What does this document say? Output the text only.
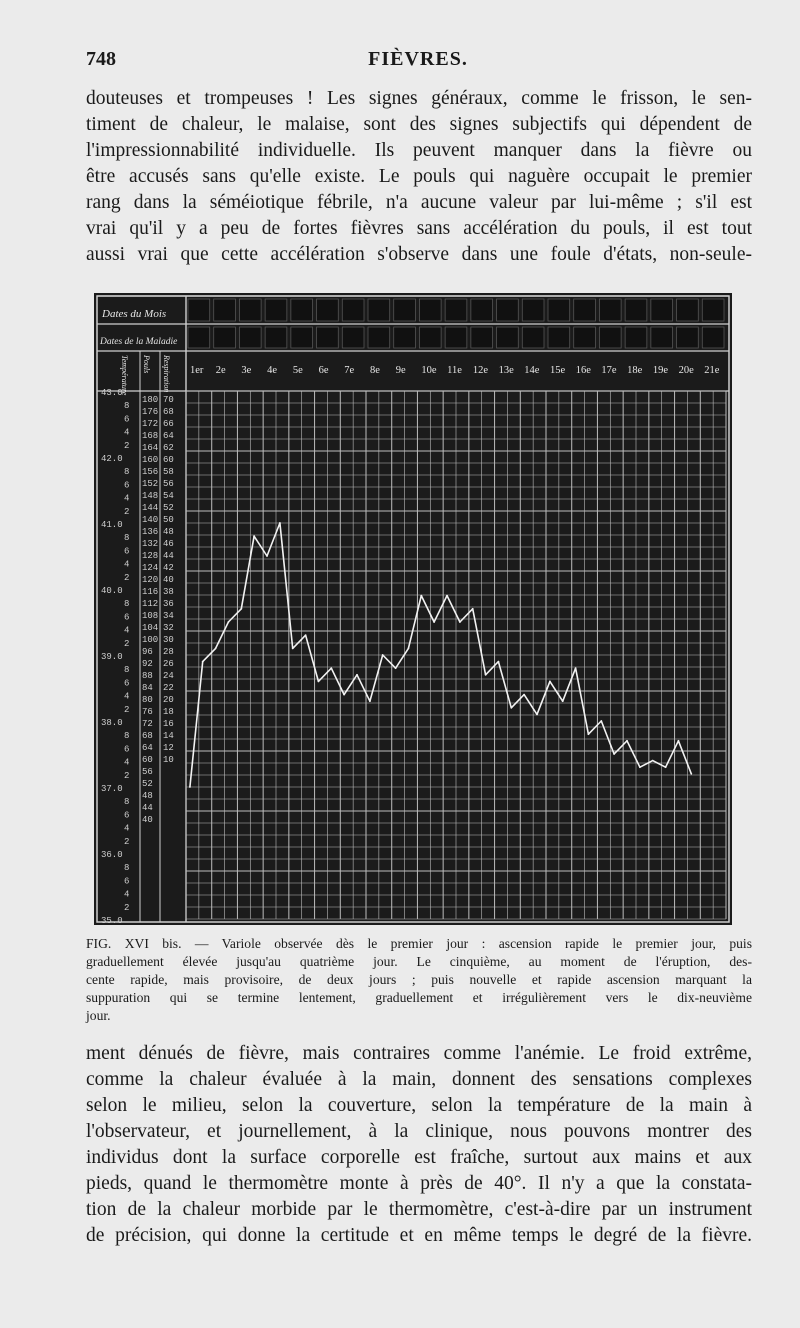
748	FIÈVRES.

douteuses et trompeuses ! Les signes généraux, comme le frisson, le sen-
timent de chaleur, le malaise, sont des signes subjectifs qui dépendent de
l'impressionnabilité individuelle. Ils peuvent manquer dans la fièvre ou
être accusés sans qu'elle existe. Le pouls qui naguère occupait le premier
rang dans la séméiotique fébrile, n'a aucune valeur par lui-même ; s'il est
vrai qu'il y a peu de fortes fièvres sans accélération du pouls, il est tout
aussi vrai que cette accélération s'observe dans une foule d'états, non-seule-

Dates du Mois
Dates de la Maladie
Température Pouls Respiration 1er 2e 3e 4e 5e 6e 7e 8e 9e 10e 11e 12e 13e 14e 15e 16e 17e 18e 19e 20e 21e
43.0
8
6
4
2
42.0
8
6
4
2
41.0
8
6
4
2
40.0
8
6
4
2
39.0
8
6
4
2
38.0
8
6
4
2
37.0
8
6
4
2
36.0
8
6
4
2
35.0
180
176
172
168
164
160
156
152
148
144
140
136
132
128
124
120
116
112
108
104
100
96
92
88
84
80
76
72
68
64
60
56
52
48
44
40
70
68
66
64
62
60
58
56
54
52
50
48
46
44
42
40
38
36
34
32
30
28
26
24
22
20
18
16
14
12
10
FIG. XVI bis. — Variole observée dès le premier jour : ascension rapide le premier jour, puis
graduellement élevée jusqu'au quatrième jour. Le cinquième, au moment de l'éruption, des-
cente rapide, mais provisoire, de deux jours ; puis nouvelle et rapide ascension marquant la
suppuration qui se termine lentement, graduellement et irrégulièrement vers le dix-neuvième
jour.

ment dénués de fièvre, mais contraires comme l'anémie. Le froid extrême,
comme la chaleur évaluée à la main, donnent des sensations complexes
selon le milieu, selon la couverture, selon la température de la main à
l'observateur, et journellement, à la clinique, nous pouvons montrer des
individus dont la surface corporelle est fraîche, surtout aux mains et aux
pieds, quand le thermomètre monte à près de 40°. Il n'y a que la constata-
tion de la chaleur morbide par le thermomètre, c'est-à-dire par un instrument
de précision, qui donne la certitude et en même temps le degré de la fièvre.
